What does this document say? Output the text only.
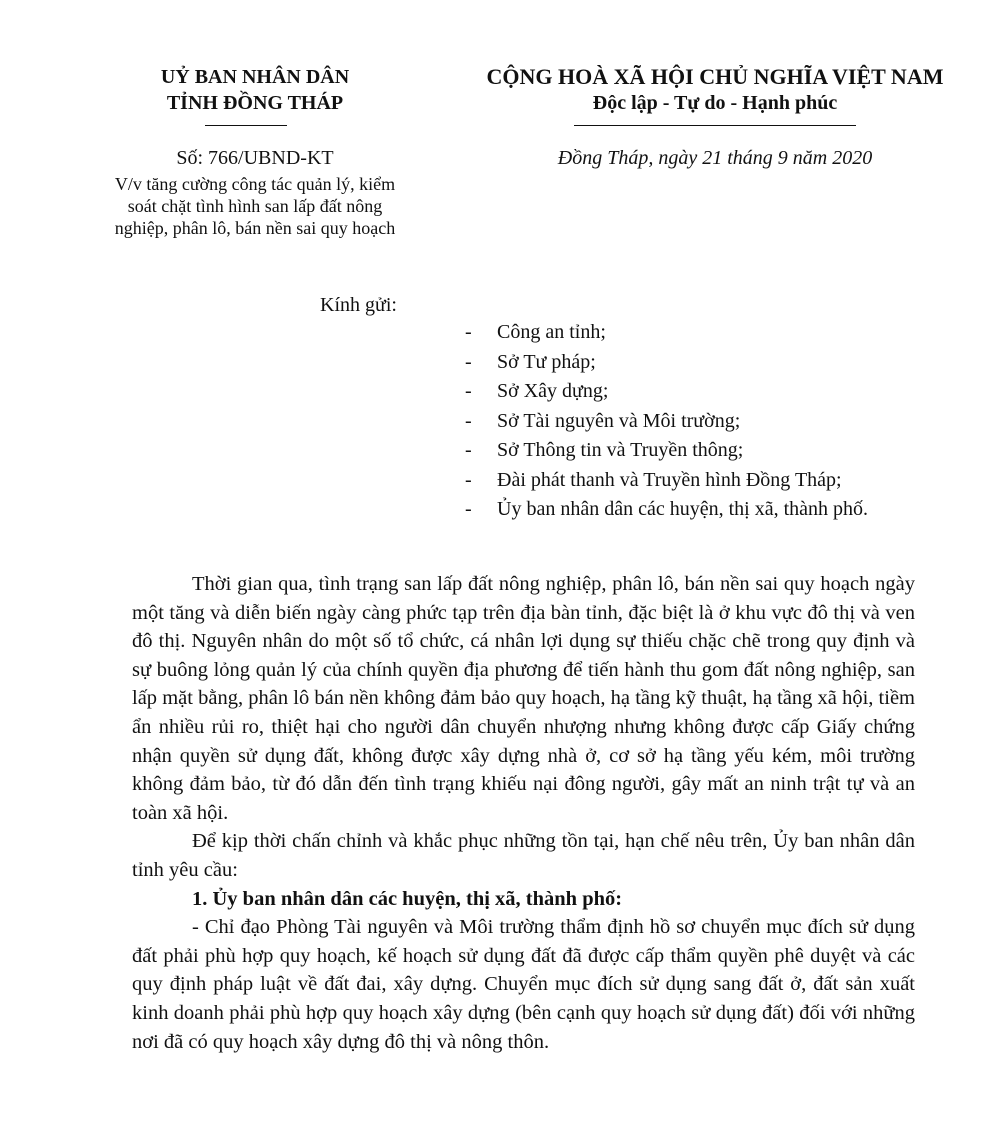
UỶ BAN NHÂN DÂN
TỈNH ĐỒNG THÁP
CỘNG HOÀ XÃ HỘI CHỦ NGHĨA VIỆT NAM
Độc lập - Tự do - Hạnh phúc
Số: 766/UBND-KT
V/v tăng cường công tác quản lý, kiểm
soát chặt tình hình san lấp đất nông
nghiệp, phân lô, bán nền sai quy hoạch
Đồng Tháp, ngày 21 tháng 9 năm 2020
Kính gửi:
- Công an tỉnh;
- Sở Tư pháp;
- Sở Xây dựng;
- Sở Tài nguyên và Môi trường;
- Sở Thông tin và Truyền thông;
- Đài phát thanh và Truyền hình Đồng Tháp;
- Ủy ban nhân dân các huyện, thị xã, thành phố.

Thời gian qua, tình trạng san lấp đất nông nghiệp, phân lô, bán nền sai quy hoạch ngày một tăng và diễn biến ngày càng phức tạp trên địa bàn tỉnh, đặc biệt là ở khu vực đô thị và ven đô thị. Nguyên nhân do một số tổ chức, cá nhân lợi dụng sự thiếu chặc chẽ trong quy định và sự buông lỏng quản lý của chính quyền địa phương để tiến hành thu gom đất nông nghiệp, san lấp mặt bằng, phân lô bán nền không đảm bảo quy hoạch, hạ tầng kỹ thuật, hạ tầng xã hội, tiềm ẩn nhiều rủi ro, thiệt hại cho người dân chuyển nhượng nhưng không được cấp Giấy chứng nhận quyền sử dụng đất, không được xây dựng nhà ở, cơ sở hạ tầng yếu kém, môi trường không đảm bảo, từ đó dẫn đến tình trạng khiếu nại đông người, gây mất an ninh trật tự và an toàn xã hội.

Để kịp thời chấn chỉnh và khắc phục những tồn tại, hạn chế nêu trên, Ủy ban nhân dân tỉnh yêu cầu:

1. Ủy ban nhân dân các huyện, thị xã, thành phố:

- Chỉ đạo Phòng Tài nguyên và Môi trường thẩm định hồ sơ chuyển mục đích sử dụng đất phải phù hợp quy hoạch, kế hoạch sử dụng đất đã được cấp thẩm quyền phê duyệt và các quy định pháp luật về đất đai, xây dựng. Chuyển mục đích sử dụng sang đất ở, đất sản xuất kinh doanh phải phù hợp quy hoạch xây dựng (bên cạnh quy hoạch sử dụng đất) đối với những nơi đã có quy hoạch xây dựng đô thị và nông thôn.
